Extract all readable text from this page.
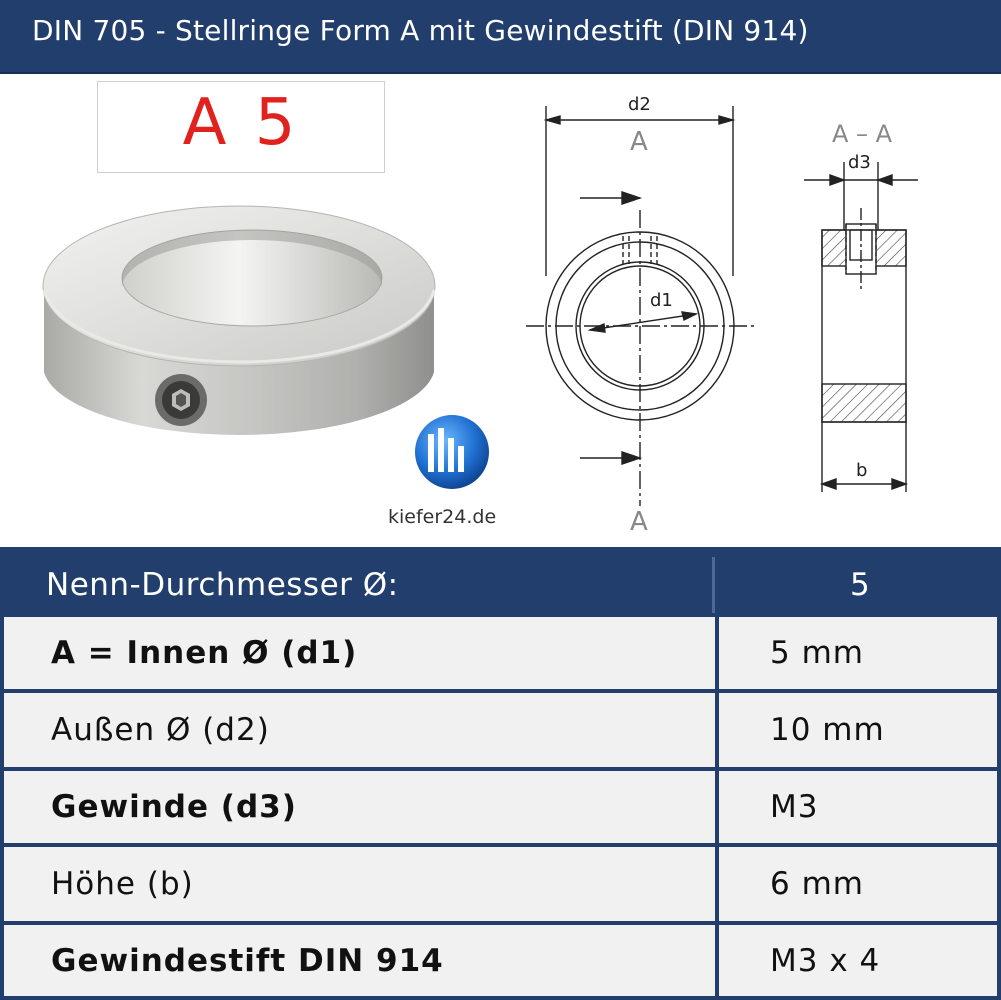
DIN 705 - Stellringe Form A mit Gewindestift (DIN 914)
A 5
kiefer24.de
d2
A
d1
A
A – A
d3
b
Nenn-Durchmesser Ø:	5
A = Innen Ø (d1)	5 mm
Außen Ø (d2)	10 mm
Gewinde (d3)	M3
Höhe (b)	6 mm
Gewindestift DIN 914	M3 x 4
